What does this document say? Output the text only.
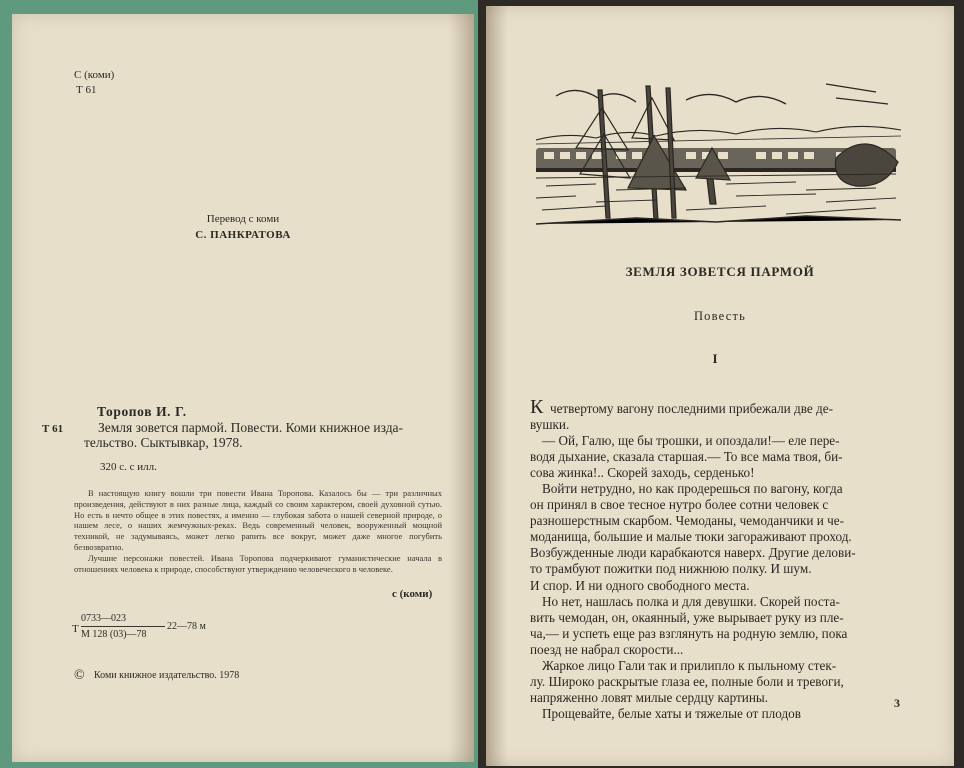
С (коми)
Т 61
Перевод с коми
С. ПАНКРАТОВА
Т 61
Торопов И. Г.
Земля зовется пармой. Повести. Коми книжное изда-
тельство. Сыктывкар, 1978.
320 с. с илл.

В настоящую книгу вошли три повести Ивана Торопова. Казалось бы — три различных произведения, действуют в них разные лица, каждый со своим характером, своей духовной сутью. Но есть в нечто общее в этих повестях, а именно — глубокая забота о нашей северной природе, о нашем лесе, о наших жемчужных-реках. Ведь современный человек, вооруженный мощной техникой, не задумываясь, может легко рапить все вокруг, может даже многое погубить безвозвратно.

Лучшие персонажи повестей. Ивана Торопова подчеркивают гуманистические начала в отношениях человека к природе, способствуют утверждению человеческого в человеке.

с (коми)
Т
0733—023
М 128 (03)—78
22—78 м
© Коми книжное издательство. 1978
ЗЕМЛЯ ЗОВЕТСЯ ПАРМОЙ
Повесть
I
К четвертому вагону последними прибежали две де-
вушки.
— Ой, Галю, ще бы трошки, и опоздали!— еле пере-
водя дыхание, сказала старшая.— То все мама твоя, би-
сова жинка!.. Скорей заходь, серденько!
Войти нетрудно, но как продерешься по вагону, когда
он принял в свое тесное нутро более сотни человек с
разношерстным скарбом. Чемоданы, чемоданчики и че-
моданища, большие и малые тюки загораживают проход.
Возбужденные люди карабкаются наверх. Другие делови-
то трамбуют пожитки под нижнюю полку. И шум.
И спор. И ни одного свободного места.
Но нет, нашлась полка и для девушки. Скорей поста-
вить чемодан, он, окаянный, уже вырывает руку из пле-
ча,— и успеть еще раз взглянуть на родную землю, пока
поезд не набрал скорости...
Жаркое лицо Гали так и прилипло к пыльному стек-
лу. Широко раскрытые глаза ее, полные боли и тревоги,
напряженно ловят милые сердцу картины.
Прощевайте, белые хаты и тяжелые от плодов
3
